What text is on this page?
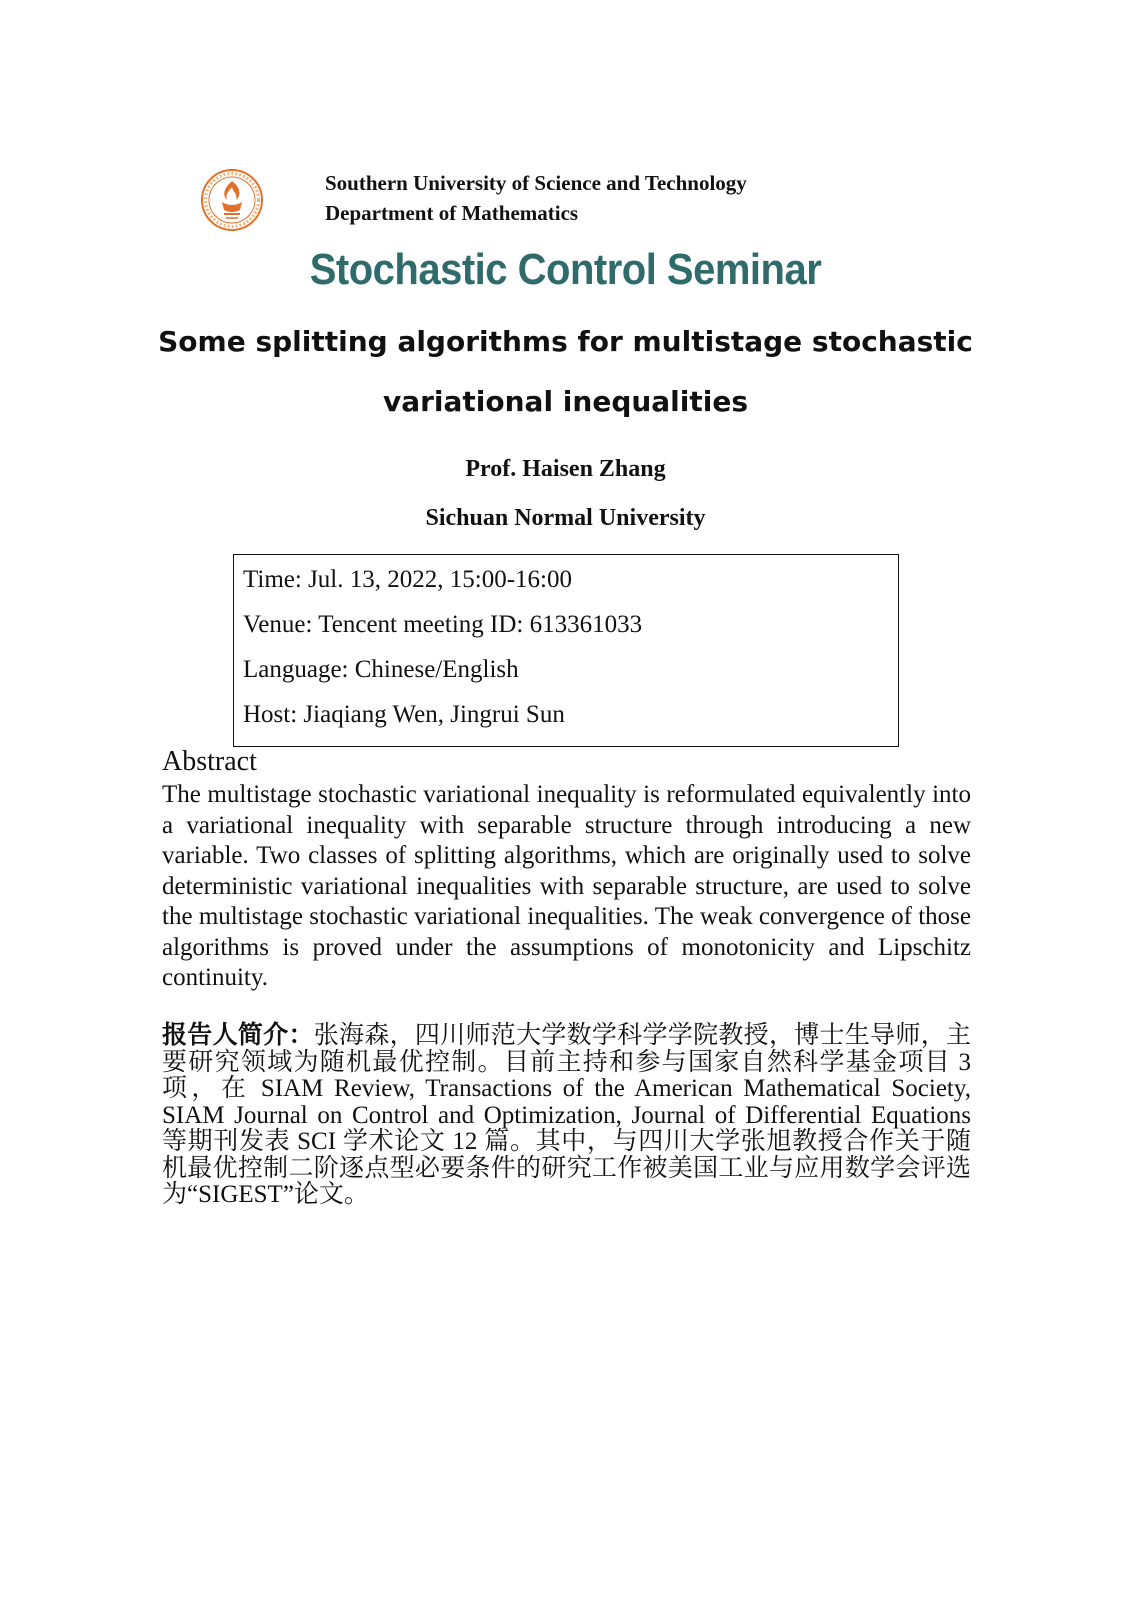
Southern University of Science and Technology
Department of Mathematics
Stochastic Control Seminar
Some splitting algorithms for multistage stochastic
variational inequalities
Prof. Haisen Zhang
Sichuan Normal University
Time: Jul. 13, 2022, 15:00-16:00
Venue: Tencent meeting ID: 613361033
Language: Chinese/English
Host: Jiaqiang Wen, Jingrui Sun
Abstract
The multistage stochastic variational inequality is reformulated equivalently into a variational inequality with separable structure through introducing a new variable. Two classes of splitting algorithms, which are originally used to solve deterministic variational inequalities with separable structure, are used to solve the multistage stochastic variational inequalities. The weak convergence of those algorithms is proved under the assumptions of monotonicity and Lipschitz continuity.
报告人简介：张海森，四川师范大学数学科学学院教授，博士生导师，主要研究领域为随机最优控制。目前主持和参与国家自然科学基金项目 3 项，在 SIAM Review, Transactions of the American Mathematical Society, SIAM Journal on Control and Optimization, Journal of Differential Equations 等期刊发表 SCI 学术论文 12 篇。其中，与四川大学张旭教授合作关于随机最优控制二阶逐点型必要条件的研究工作被美国工业与应用数学会评选为“SIGEST”论文。
